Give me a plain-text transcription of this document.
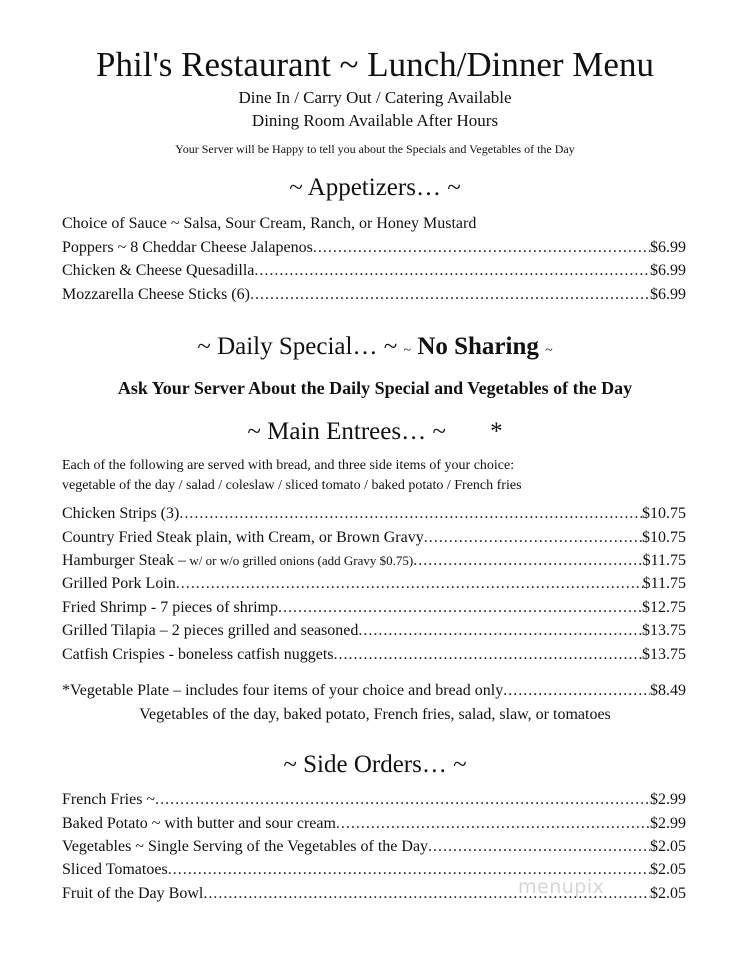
Phil's Restaurant ~ Lunch/Dinner Menu
Dine In / Carry Out / Catering Available
Dining Room Available After Hours
Your Server will be Happy to tell you about the Specials and Vegetables of the Day
~ Appetizers… ~
Choice of Sauce ~ Salsa, Sour Cream, Ranch, or Honey Mustard
Poppers ~ 8 Cheddar Cheese Jalapenos .....	$6.99
Chicken & Cheese Quesadilla .....	$6.99
Mozzarella Cheese Sticks (6) .....	$6.99
~ Daily Special… ~ ~ No Sharing ~
Ask Your Server About the Daily Special and Vegetables of the Day
~ Main Entrees… ~ *
Each of the following are served with bread, and three side items of your choice:
vegetable of the day / salad / coleslaw / sliced tomato / baked potato / French fries
Chicken Strips (3) .....	$10.75
Country Fried Steak plain, with Cream, or Brown Gravy .....	$10.75
Hamburger Steak – w/ or w/o grilled onions (add Gravy $0.75) .....	$11.75
Grilled Pork Loin .....	$11.75
Fried Shrimp - 7 pieces of shrimp .....	$12.75
Grilled Tilapia – 2 pieces grilled and seasoned .....	$13.75
Catfish Crispies - boneless catfish nuggets .....	$13.75
*Vegetable Plate – includes four items of your choice and bread only .....	$8.49
Vegetables of the day, baked potato, French fries, salad, slaw, or tomatoes
~ Side Orders… ~
French Fries ~ .....	$2.99
Baked Potato ~ with butter and sour cream .....	$2.99
Vegetables ~ Single Serving of the Vegetables of the Day .....	$2.05
Sliced Tomatoes .....	$2.05
Fruit of the Day Bowl .....	$2.05
menupix
